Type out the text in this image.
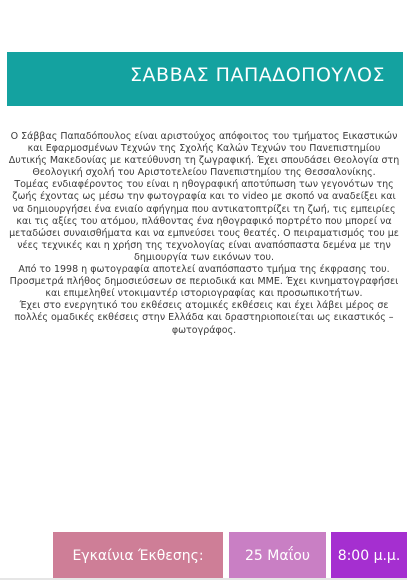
ΣΑΒΒΑΣ ΠΑΠΑΔΟΠΟΥΛΟΣ

Ο Σάββας Παπαδόπουλος είναι αριστούχος απόφοιτος του τμήματος Εικαστικών και Εφαρμοσμένων Τεχνών της Σχολής Καλών Τεχνών του Πανεπιστημίου Δυτικής Μακεδονίας με κατεύθυνση τη ζωγραφική. Έχει σπουδάσει Θεολογία στη Θεολογική σχολή του Αριστοτελείου Πανεπιστημίου της Θεσσαλονίκης.

Τομέας ενδιαφέροντος του είναι η ηθογραφική αποτύπωση των γεγονότων της ζωής έχοντας ως μέσω την φωτογραφία και το video με σκοπό να αναδείξει και να δημιουργήσει ένα ενιαίο αφήγημα που αντικατοπτρίζει τη ζωή, τις εμπειρίες και τις αξίες του ατόμου, πλάθοντας ένα ηθογραφικό πορτρέτο που μπορεί να μεταδώσει συναισθήματα και να εμπνεύσει τους θεατές. Ο πειραματισμός του με νέες τεχνικές και η χρήση της τεχνολογίας είναι αναπόσπαστα δεμένα με την δημιουργία των εικόνων του.

Από το 1998 η φωτογραφία αποτελεί αναπόσπαστο τμήμα της έκφρασης του. Προσμετρά πλήθος δημοσιεύσεων σε περιοδικά και ΜΜΕ. Έχει κινηματογραφήσει και επιμεληθεί ντοκιμαντέρ ιστοριογραφίας και προσωπικοτήτων.

Έχει στο ενεργητικό του εκθέσεις ατομικές εκθέσεις και έχει λάβει μέρος σε πολλές ομαδικές εκθέσεις στην Ελλάδα και δραστηριοποιείται ως εικαστικός – φωτογράφος.

Εγκαίνια Έκθεσης:	25 Μαΐου	8:00 μ.μ.
